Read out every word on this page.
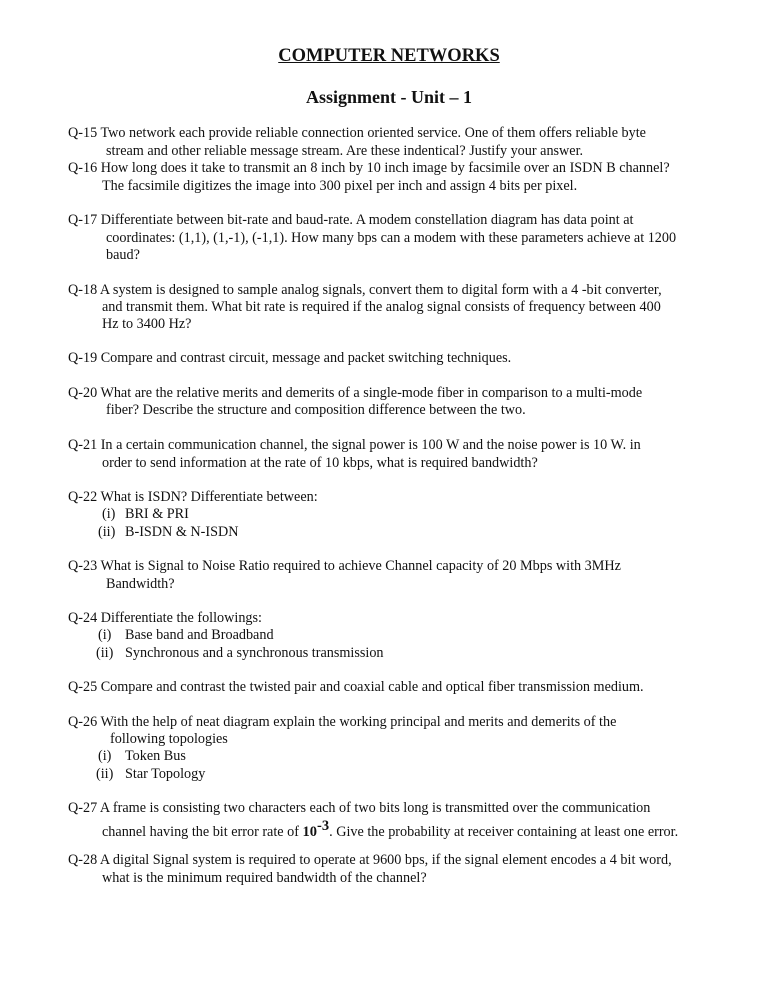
COMPUTER NETWORKS
Assignment - Unit – 1
Q-15 Two network each provide reliable connection oriented service. One of them offers reliable byte
stream and other reliable message stream. Are these indentical? Justify your answer.
Q-16 How long does it take to transmit an 8 inch by 10 inch image by facsimile over an ISDN B channel?
The facsimile digitizes the image into 300 pixel per inch and assign 4 bits per pixel.
Q-17 Differentiate between bit-rate and baud-rate. A modem constellation diagram has data point at
coordinates: (1,1), (1,-1), (-1,1). How many bps can a modem with these parameters achieve at 1200
baud?
Q-18 A system is designed to sample analog signals, convert them to digital form with a 4 -bit converter,
and transmit them. What bit rate is required if the analog signal consists of frequency between 400
Hz to 3400 Hz?
Q-19 Compare and contrast circuit, message and packet switching techniques.
Q-20 What are the relative merits and demerits of a single-mode fiber in comparison to a multi-mode
fiber? Describe the structure and composition difference between the two.
Q-21 In a certain communication channel, the signal power is 100 W and the noise power is 10 W. in
order to send information at the rate of 10 kbps, what is required bandwidth?
Q-22 What is ISDN? Differentiate between:
(i) BRI & PRI
(ii) B-ISDN & N-ISDN
Q-23 What is Signal to Noise Ratio required to achieve Channel capacity of 20 Mbps with 3MHz
Bandwidth?
Q-24 Differentiate the followings:
(i) Base band and Broadband
(ii) Synchronous and a synchronous transmission
Q-25 Compare and contrast the twisted pair and coaxial cable and optical fiber transmission medium.
Q-26 With the help of neat diagram explain the working principal and merits and demerits of the
following topologies
(i) Token Bus
(ii) Star Topology
Q-27 A frame is consisting two characters each of two bits long is transmitted over the communication
channel having the bit error rate of 10-3. Give the probability at receiver containing at least one error.
Q-28 A digital Signal system is required to operate at 9600 bps, if the signal element encodes a 4 bit word,
what is the minimum required bandwidth of the channel?
